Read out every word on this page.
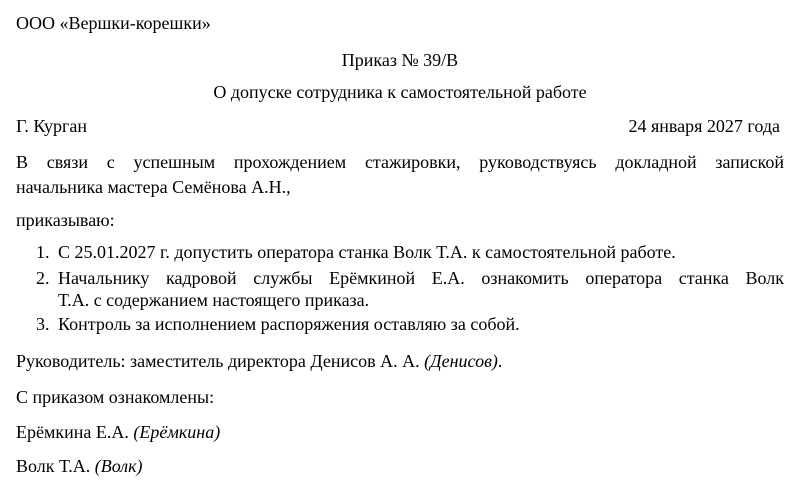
ООО «Вершки-корешки»
Приказ № 39/В
О допуске сотрудника к самостоятельной работе
Г. Курган	24 января 2027 года
В связи с успешным прохождением стажировки, руководствуясь докладной запиской
начальника мастера Семёнова А.Н.,
приказываю:
1. С 25.01.2027 г. допустить оператора станка Волк Т.А. к самостоятельной работе.
2. Начальнику кадровой службы Ерёмкиной Е.А. ознакомить оператора станка Волк
Т.А. с содержанием настоящего приказа.
3. Контроль за исполнением распоряжения оставляю за собой.
Руководитель: заместитель директора Денисов А. А. (Денисов).
С приказом ознакомлены:
Ерёмкина Е.А. (Ерёмкина)
Волк Т.А. (Волк)
